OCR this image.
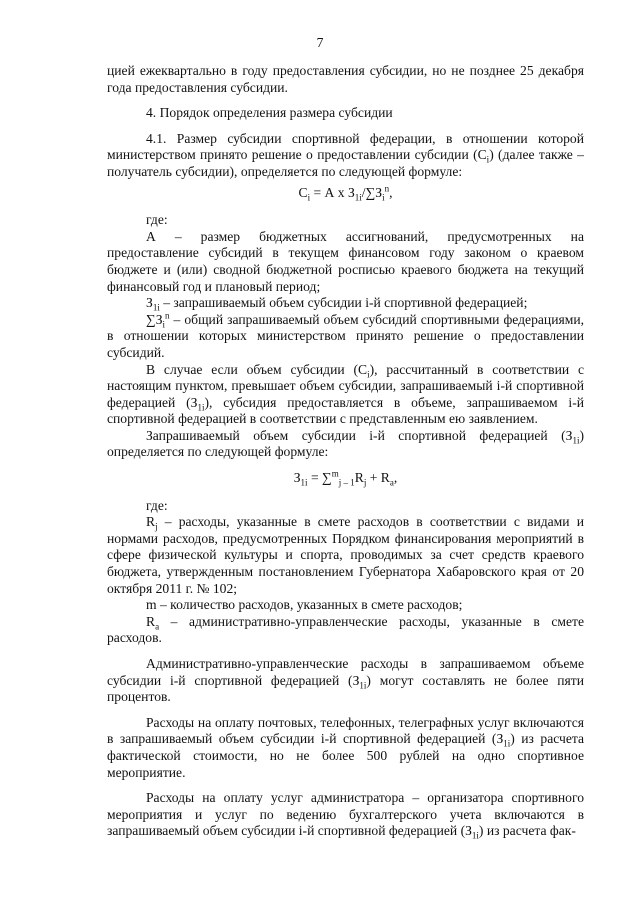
7

цией ежеквартально в году предоставления субсидии, но не позднее 25 декабря года предоставления субсидии.

4. Порядок определения размера субсидии

4.1. Размер субсидии спортивной федерации, в отношении которой министерством принято решение о предоставлении субсидии $(С_i)$ (далее также – получатель субсидии), определяется по следующей формуле:

$С_i = А$ х $З_{1i}/\sum З_i^n$,

где:

А – размер бюджетных ассигнований, предусмотренных на предоставление субсидий в текущем финансовом году законом о краевом бюджете и (или) сводной бюджетной росписью краевого бюджета на текущий финансовый год и плановый период;

$З_{1i}$ – запрашиваемый объем субсидии i-й спортивной федерацией;

$\sum З_i^n$ – общий запрашиваемый объем субсидий спортивными федерациями, в отношении которых министерством принято решение о предоставлении субсидий.

В случае если объем субсидии $(С_i)$, рассчитанный в соответствии с настоящим пунктом, превышает объем субсидии, запрашиваемый i-й спортивной федерацией $(З_{1i})$, субсидия предоставляется в объеме, запрашиваемом i-й спортивной федерацией в соответствии с представленным ею заявлением.

Запрашиваемый объем субсидии i-й спортивной федерацией $(З_{1i})$ определяется по следующей формуле:

$З_{1i} = \sum^m_{j - 1}R_j + R_a$,

где:

$R_j$ – расходы, указанные в смете расходов в соответствии с видами и нормами расходов, предусмотренных Порядком финансирования мероприятий в сфере физической культуры и спорта, проводимых за счет средств краевого бюджета, утвержденным постановлением Губернатора Хабаровского края от 20 октября 2011 г. № 102;

m – количество расходов, указанных в смете расходов;

$R_a$ – административно-управленческие расходы, указанные в смете расходов.

Административно-управленческие расходы в запрашиваемом объеме субсидии i-й спортивной федерацией $(З_{1i})$ могут составлять не более пяти процентов.

Расходы на оплату почтовых, телефонных, телеграфных услуг включаются в запрашиваемый объем субсидии i-й спортивной федерацией $(З_{1i})$ из расчета фактической стоимости, но не более 500 рублей на одно спортивное мероприятие.

Расходы на оплату услуг администратора – организатора спортивного мероприятия и услуг по ведению бухгалтерского учета включаются в запрашиваемый объем субсидии i-й спортивной федерацией $(З_{1i})$ из расчета фак-
